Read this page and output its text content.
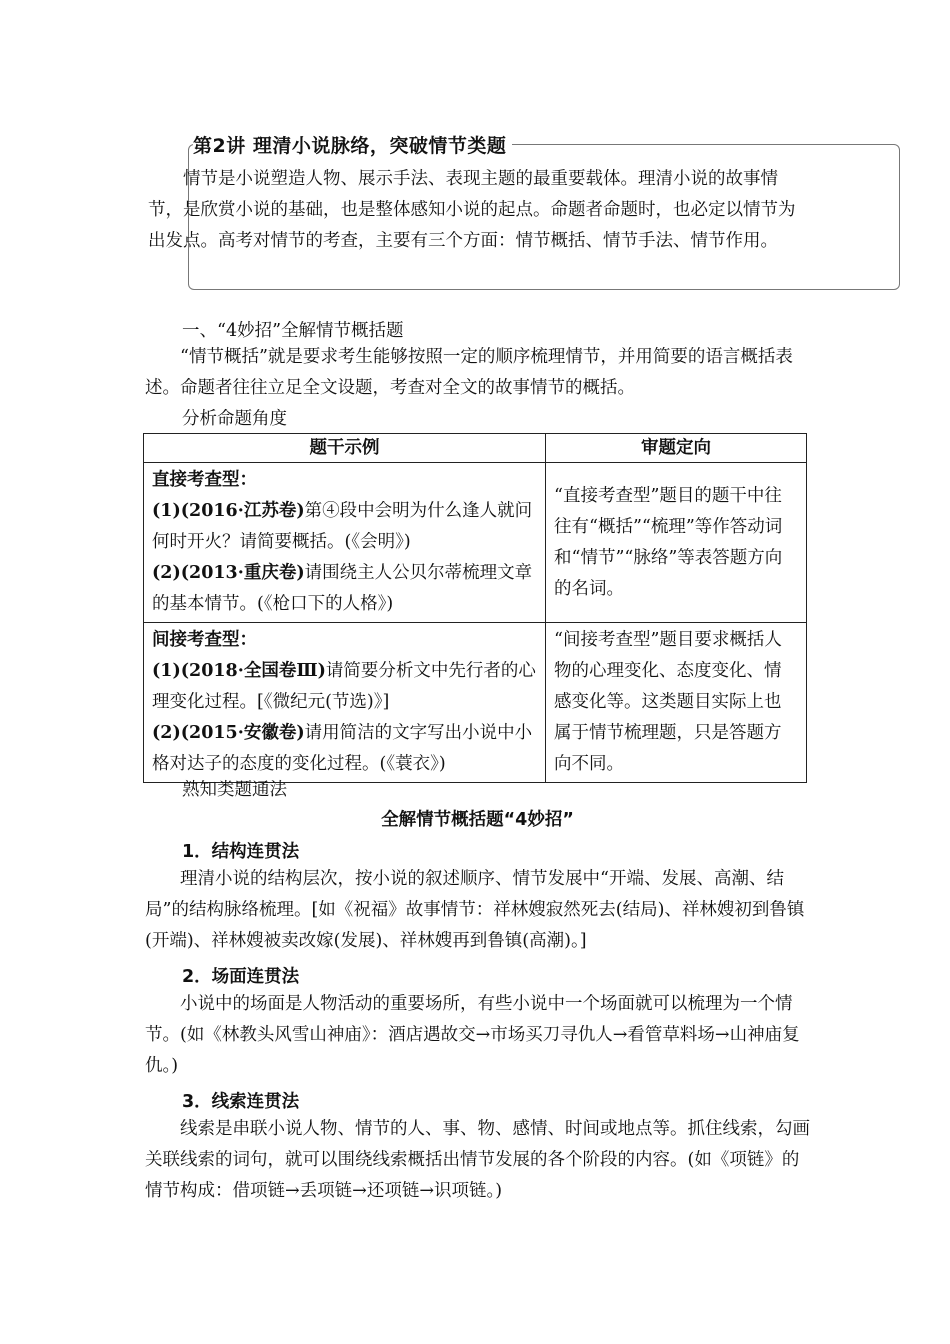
第2讲 理清小说脉络，突破情节类题
情节是小说塑造人物、展示手法、表现主题的最重要载体。理清小说的故事情节，是欣赏小说的基础，也是整体感知小说的起点。命题者命题时，也必定以情节为出发点。高考对情节的考查，主要有三个方面：情节概括、情节手法、情节作用。
一、“4妙招”全解情节概括题
“情节概括”就是要求考生能够按照一定的顺序梳理情节，并用简要的语言概括表述。命题者往往立足全文设题，考查对全文的故事情节的概括。
分析命题角度
题干示例	审题定向

直接考查型：
(1)(2016·江苏卷)第④段中会明为什么逢人就问何时开火？请简要概括。(《会明》)
(2)(2013·重庆卷)请围绕主人公贝尔蒂梳理文章的基本情节。(《枪口下的人格》)	“直接考查型”题目的题干中往往有“概括”“梳理”等作答动词和“情节”“脉络”等表答题方向的名词。

间接考查型：
(1)(2018·全国卷Ⅲ)请简要分析文中先行者的心理变化过程。[《微纪元(节选)》]
(2)(2015·安徽卷)请用简洁的文字写出小说中小格对达子的态度的变化过程。(《蓑衣》)	“间接考查型”题目要求概括人物的心理变化、态度变化、情感变化等。这类题目实际上也属于情节梳理题，只是答题方向不同。
熟知类题通法
全解情节概括题“4妙招”
1．结构连贯法
理清小说的结构层次，按小说的叙述顺序、情节发展中“开端、发展、高潮、结局”的结构脉络梳理。[如《祝福》故事情节：祥林嫂寂然死去(结局)、祥林嫂初到鲁镇(开端)、祥林嫂被卖改嫁(发展)、祥林嫂再到鲁镇(高潮)。]
2．场面连贯法
小说中的场面是人物活动的重要场所，有些小说中一个场面就可以梳理为一个情节。(如《林教头风雪山神庙》：酒店遇故交→市场买刀寻仇人→看管草料场→山神庙复仇。)
3．线索连贯法
线索是串联小说人物、情节的人、事、物、感情、时间或地点等。抓住线索，勾画关联线索的词句，就可以围绕线索概括出情节发展的各个阶段的内容。(如《项链》的情节构成：借项链→丢项链→还项链→识项链。)
